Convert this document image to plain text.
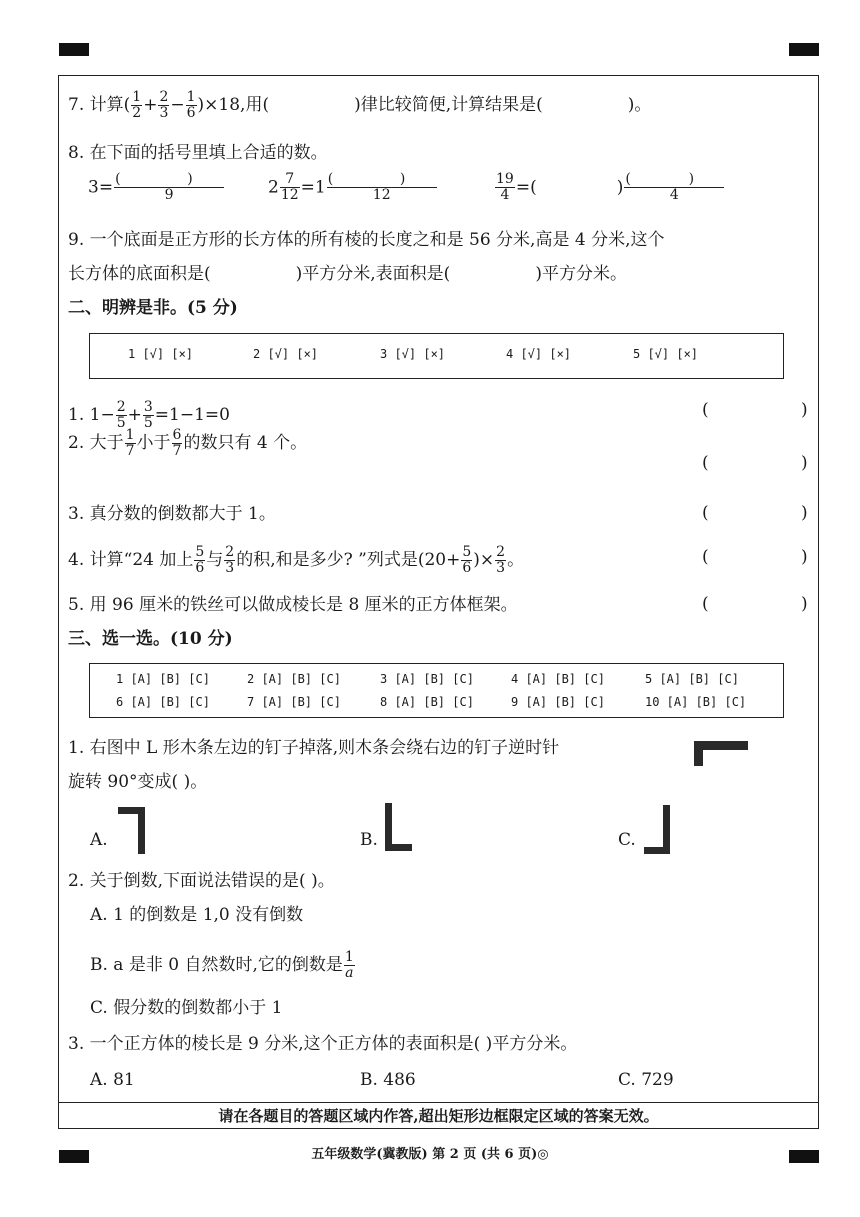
7. 计算( $\frac{1}{2} + \frac{2}{3} - \frac{1}{6} )\times 18$,用(	)律比较简便,计算结果是(	)。
8. 在下面的括号里填上合适的数。
$3= \frac{( )}{9}$	$2 \frac{7}{12} =1 \frac{( )}{12}$	$\frac{19}{4}$ =(	) $\frac{( )}{4}$
9. 一个底面是正方形的长方体的所有棱的长度之和是 56 分米,高是 4 分米,这个
长方体的底面积是(	)平方分米,表面积是(	)平方分米。
二、明辨是非。(5 分)
1 [√] [×]	2 [√] [×]	3 [√] [×]	4 [√] [×]	5 [√] [×]
1. $1- \frac{2}{5} + \frac{3}{5} =1-1=0$
2. 大于 $\frac{1}{7}$ 小于 $\frac{6}{7}$ 的数只有 4 个。
3. 真分数的倒数都大于 1。
4. 计算“24 加上 $\frac{5}{6}$ 与 $\frac{2}{3}$ 的积,和是多少? ”列式是($20+ \frac{5}{6}$ )× $\frac{2}{3}$ 。
5. 用 96 厘米的铁丝可以做成棱长是 8 厘米的正方体框架。
(	)
(	)
(	)
(	)
(	)
三、选一选。(10 分)
1 [A] [B] [C]	2 [A] [B] [C]	3 [A] [B] [C]	4 [A] [B] [C]	5 [A] [B] [C]
6 [A] [B] [C]	7 [A] [B] [C]	8 [A] [B] [C]	9 [A] [B] [C]	10 [A] [B] [C]
1. 右图中 L 形木条左边的钉子掉落,则木条会绕右边的钉子逆时针
旋转 90°变成( )。
A.	B.	C.
2. 关于倒数,下面说法错误的是( )。
A. 1 的倒数是 1,0 没有倒数
B. a 是非 0 自然数时,它的倒数是 $\frac{1}{a}$
C. 假分数的倒数都小于 1
3. 一个正方体的棱长是 9 分米,这个正方体的表面积是( )平方分米。
A. 81	B. 486	C. 729
请在各题目的答题区域内作答,超出矩形边框限定区域的答案无效。
五年级数学(冀教版) 第 2 页 (共 6 页)◎
